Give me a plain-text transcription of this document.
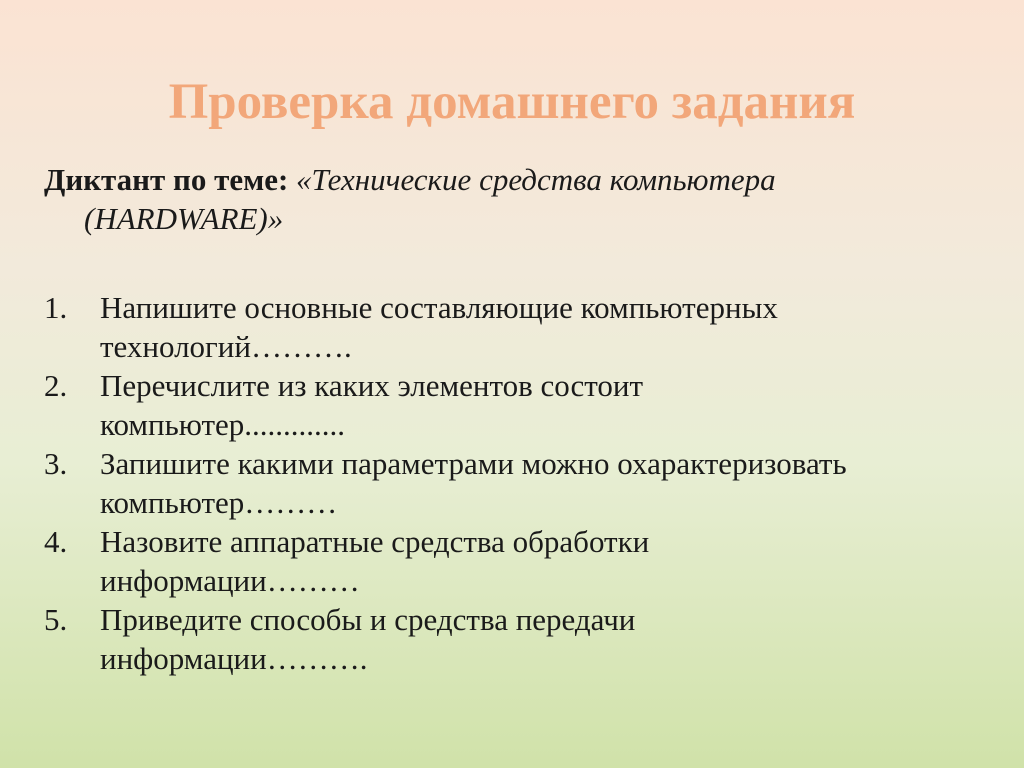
Проверка домашнего задания
Диктант по теме: «Технические средства компьютера
(HARDWARE)»
1. Напишите основные составляющие компьютерных
технологий……….
2. Перечислите из каких элементов состоит
компьютер.............
3. Запишите какими параметрами можно охарактеризовать
компьютер………
4. Назовите аппаратные средства обработки
информации………
5. Приведите способы и средства передачи
информации……….
